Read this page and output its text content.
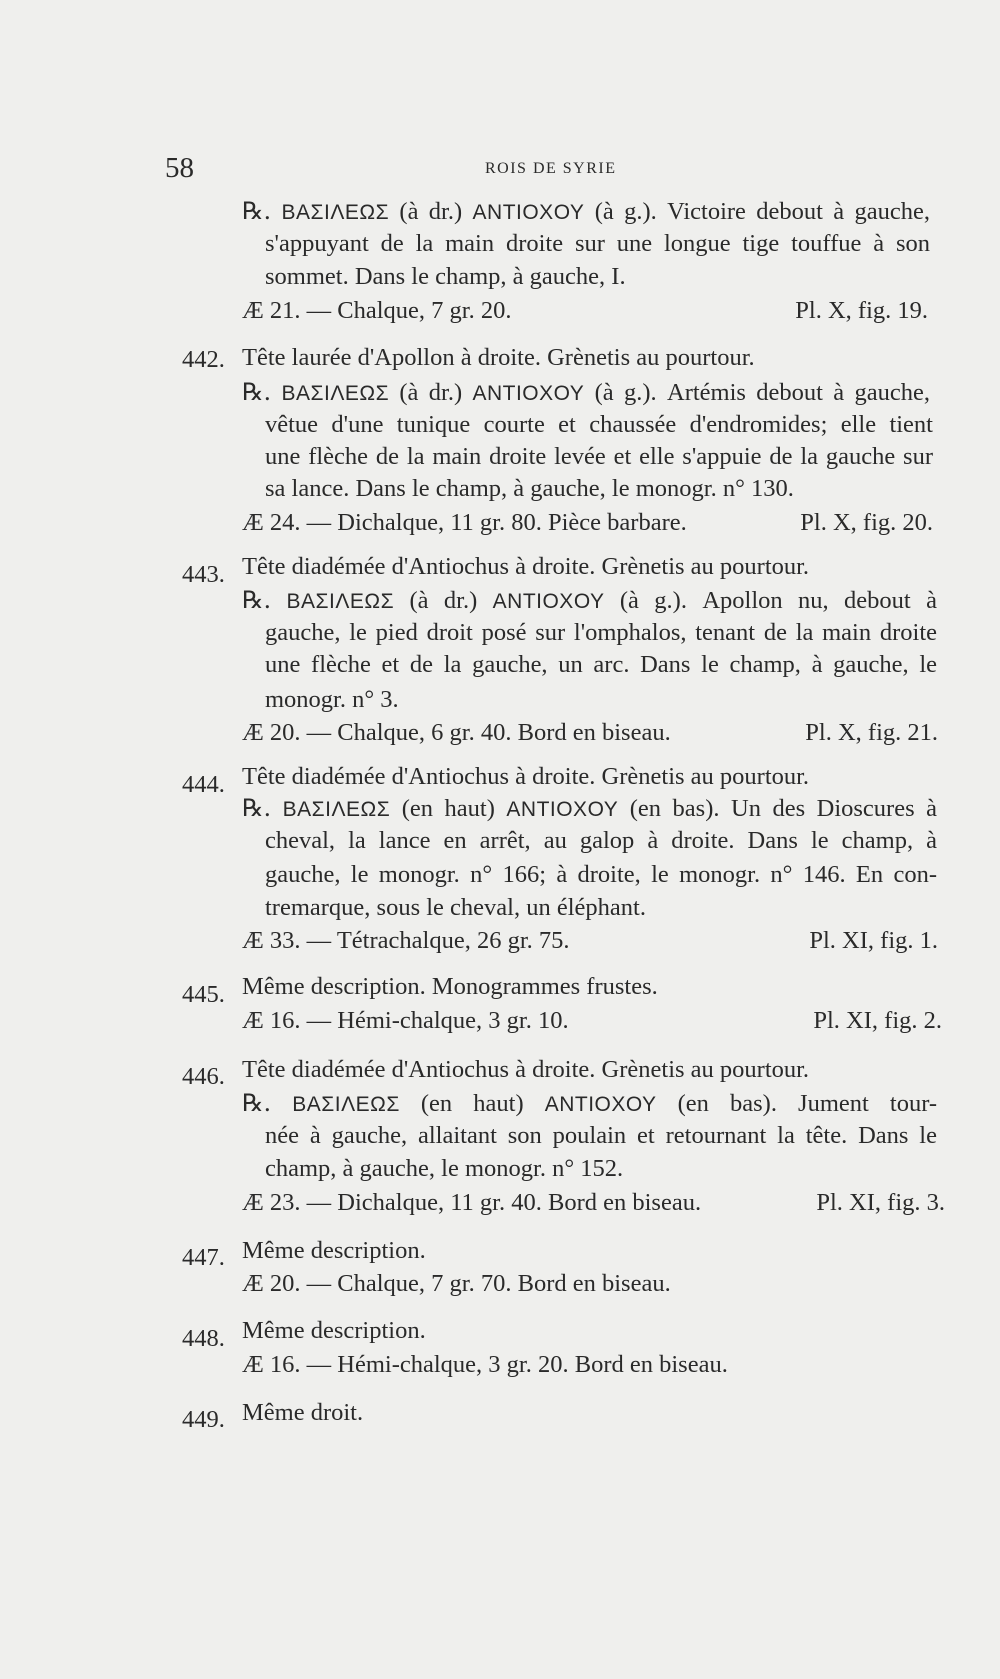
58	ROIS DE SYRIE
℞. ΒΑΣΙΛΕΩΣ (à dr.) ΑΝΤΙΟΧΟΥ (à g.). Victoire debout à gauche,
s'appuyant de la main droite sur une longue tige touffue à son
sommet. Dans le champ, à gauche, I.
Æ 21. — Chalque, 7 gr. 20.	Pl. X, fig. 19.
442. Tête laurée d'Apollon à droite. Grènetis au pourtour.
℞. ΒΑΣΙΛΕΩΣ (à dr.) ΑΝΤΙΟΧΟΥ (à g.). Artémis debout à gauche,
vêtue d'une tunique courte et chaussée d'endromides; elle tient
une flèche de la main droite levée et elle s'appuie de la gauche sur
sa lance. Dans le champ, à gauche, le monogr. n° 130.
Æ 24. — Dichalque, 11 gr. 80. Pièce barbare.	Pl. X, fig. 20.
443. Tête diadémée d'Antiochus à droite. Grènetis au pourtour.
℞. ΒΑΣΙΛΕΩΣ (à dr.) ΑΝΤΙΟΧΟΥ (à g.). Apollon nu, debout à
gauche, le pied droit posé sur l'omphalos, tenant de la main droite
une flèche et de la gauche, un arc. Dans le champ, à gauche, le
monogr. n° 3.
Æ 20. — Chalque, 6 gr. 40. Bord en biseau.	Pl. X, fig. 21.
444. Tête diadémée d'Antiochus à droite. Grènetis au pourtour.
℞. ΒΑΣΙΛΕΩΣ (en haut) ΑΝΤΙΟΧΟΥ (en bas). Un des Dioscures à
cheval, la lance en arrêt, au galop à droite. Dans le champ, à
gauche, le monogr. n° 166; à droite, le monogr. n° 146. En con-
tremarque, sous le cheval, un éléphant.
Æ 33. — Tétrachalque, 26 gr. 75.	Pl. XI, fig. 1.
445. Même description. Monogrammes frustes.
Æ 16. — Hémi-chalque, 3 gr. 10.	Pl. XI, fig. 2.
446. Tête diadémée d'Antiochus à droite. Grènetis au pourtour.
℞. ΒΑΣΙΛΕΩΣ (en haut) ΑΝΤΙΟΧΟΥ (en bas). Jument tour-
née à gauche, allaitant son poulain et retournant la tête. Dans le
champ, à gauche, le monogr. n° 152.
Æ 23. — Dichalque, 11 gr. 40. Bord en biseau.	Pl. XI, fig. 3.
447. Même description.
Æ 20. — Chalque, 7 gr. 70. Bord en biseau.
448. Même description.
Æ 16. — Hémi-chalque, 3 gr. 20. Bord en biseau.
449. Même droit.
